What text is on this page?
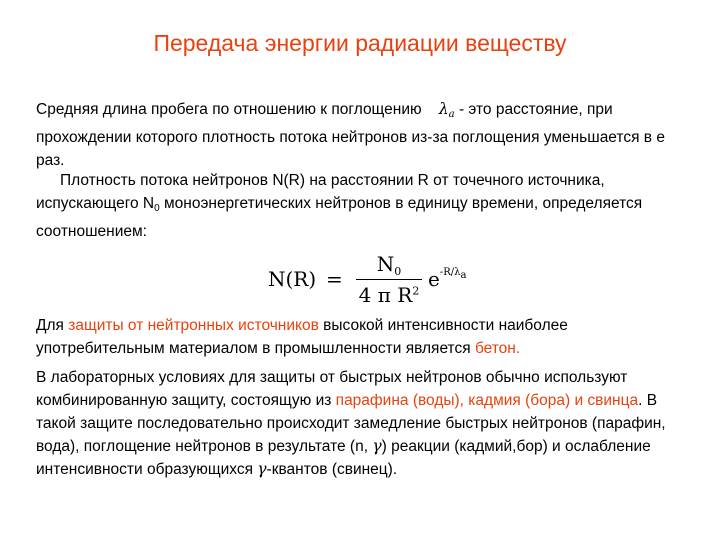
Передача энергии радиации веществу
Средняя длина пробега по отношению к поглощению $\lambda_a$ - это расстояние, при прохождении которого плотность потока нейтронов из-за поглощения уменьшается в е раз.
Плотность потока нейтронов N(R) на расстоянии R от точечного источника, испускающего $N_0$ моноэнергетических нейтронов в единицу времени, определяется соотношением:
N(R) =
$N_0$
4 π $R^2$ $e^{-R/\lambda a}$
Для защиты от нейтронных источников высокой интенсивности наиболее употребительным материалом в промышленности является бетон.
В лабораторных условиях для защиты от быстрых нейтронов обычно используют комбинированную защиту, состоящую из парафина (воды), кадмия (бора) и свинца. В такой защите последовательно происходит замедление быстрых нейтронов (парафин, вода), поглощение нейтронов в результате (n, γ) реакции (кадмий,бор) и ослабление интенсивности образующихся γ-квантов (свинец).
